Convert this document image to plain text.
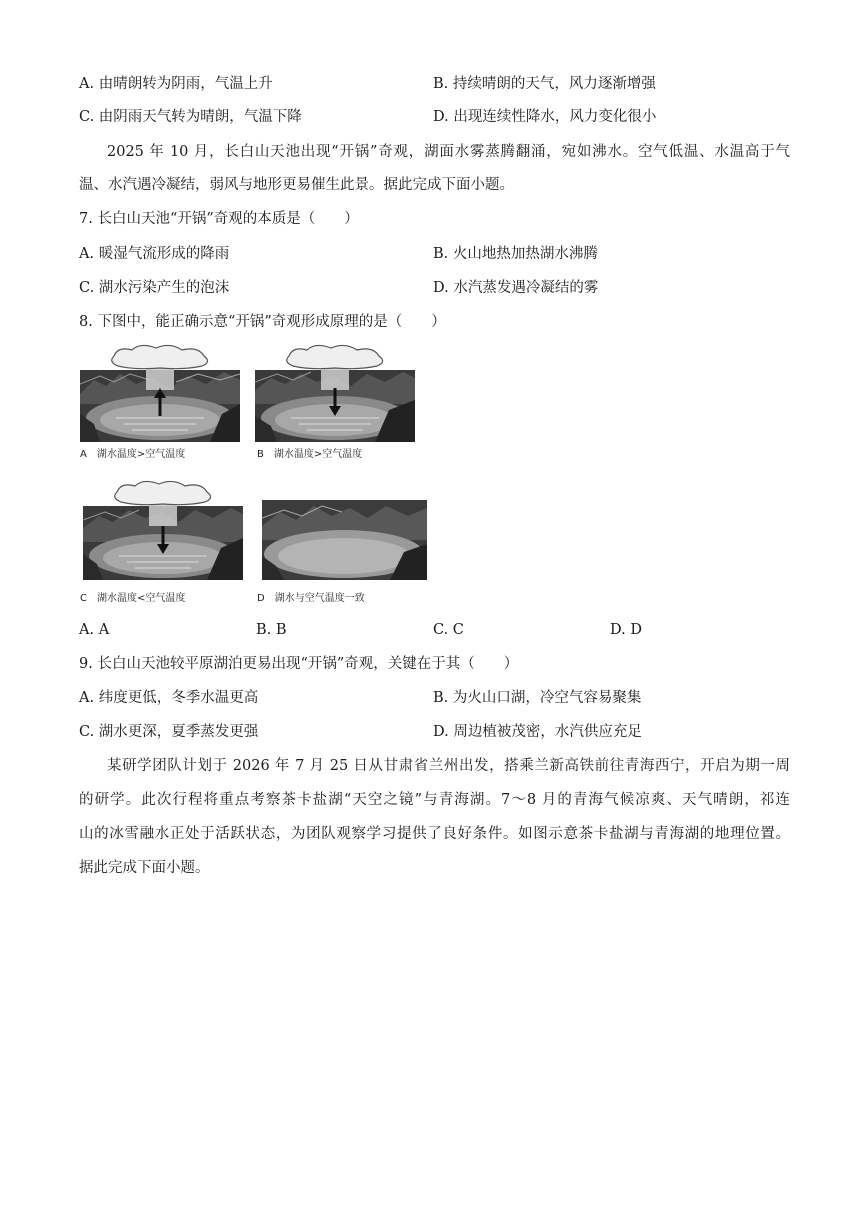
A. 由晴朗转为阴雨，气温上升	B. 持续晴朗的天气，风力逐渐增强
C. 由阴雨天气转为晴朗，气温下降	D. 出现连续性降水，风力变化很小
2025 年 10 月，长白山天池出现“开锅”奇观，湖面水雾蒸腾翻涌，宛如沸水。空气低温、水温高于气
温、水汽遇冷凝结，弱风与地形更易催生此景。据此完成下面小题。
7. 长白山天池“开锅”奇观的本质是（　　）
A. 暖湿气流形成的降雨	B. 火山地热加热湖水沸腾
C. 湖水污染产生的泡沫	D. 水汽蒸发遇冷凝结的雾
8. 下图中，能正确示意“开锅”奇观形成原理的是（　　）
A　湖水温度>空气温度	B　湖水温度>空气温度
C　湖水温度<空气温度	D　湖水与空气温度一致
A. A	B. B	C. C	D. D
9. 长白山天池较平原湖泊更易出现“开锅”奇观，关键在于其（　　）
A. 纬度更低，冬季水温更高	B. 为火山口湖，冷空气容易聚集
C. 湖水更深，夏季蒸发更强	D. 周边植被茂密，水汽供应充足
某研学团队计划于 2026 年 7 月 25 日从甘肃省兰州出发，搭乘兰新高铁前往青海西宁，开启为期一周
的研学。此次行程将重点考察茶卡盐湖“天空之镜”与青海湖。7～8 月的青海气候凉爽、天气晴朗，祁连
山的冰雪融水正处于活跃状态，为团队观察学习提供了良好条件。如图示意茶卡盐湖与青海湖的地理位置。
据此完成下面小题。
